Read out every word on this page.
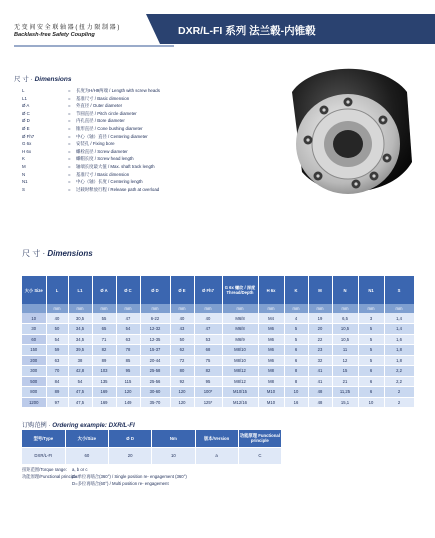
无 变 间 安 全 联 轴 器 ( 扭 力 限 制 器 )
Backlash-free Safety Coupling	DXR/L-FI 系列 法兰毂-内锥毂
尺 寸 · Dimensions
L	= 长度为H/H9两端 / Length with screw heads
L1	= 基准尺寸 / Basic dimension
Ø A	= 外直径 / Outer diameter
Ø C	= 节圆直径 / Pitch circle diameter
Ø D	= 内孔直径 / Bore diameter
Ø E	= 锥形直径 / Cone bushing diameter
Ø Fh7	= 中心（轴）直径 / Centering diameter
G 6x	= 安装孔 / Fixing bore
H 6x	= 螺栓直径 / Screw diameter
K	= 螺帽长度 / Screw head length
M	= 轴端长度最大值 / Max. shaft track length
N	= 基准尺寸 / Basic dimension
N1	= 中心（轴）长度 / Centering length
S	= 过载时释放行程 / Release path at overload
尺 寸 · Dimensions
大小 Size	L	L1	Ø A	Ø C	Ø D	Ø E	Ø Fh7	G 6x 螺纹 / 深度 Thread/Depth	H 6x	K	M	N	N1	S
	mm	mm	mm	mm	mm	mm	mm	mm	mm	mm	mm	mm	mm	mm
10	40	30,5	55	47	6-22	40	40	M6/8	M4	4	19	6,5	3	1,4
30	50	34,5	65	54	12-32	43	47	M6/8	M6	5	20	10,5	5	1,4
60	54	34,5	71	63	12-35	50	53	M6/9	M6	5	22	10,5	5	1,6
150	59	39,5	82	78	15-37	62	68	M8/10	M6	6	23	11	5	1,8
200	63	38	89	85	20-44	72	75	M8/10	M6	6	32	12	5	1,8
300	70	42,8	103	95	25-58	80	82	M8/12	M8	8	41	15	6	2,2
500	84	54	135	115	25-56	92	95	M8/12	M8	8	41	21	6	2,2
800	89	47,5	169	120	30-60	120	100*	M10/15	M10	10	48	11,25	6	2
1200	97	47,5	169	149	35-70	120	125*	M12/16	M10	16	48	15,1	10	2
订购范例 · Ordering example: DXR/L-FI
型号/Type	大小/Size	Ø D	Nm	版本/Version	功能原理 Functional principle
DXR/L-FI	60	20	10	a	C
扭矩范围/Torque range: a, b or c
功能原理/Functional principle:
C=单位再啮合(360°) / Single position re- engagement (360°)
D=多位再啮合(60°) / Multi position re- engagement
